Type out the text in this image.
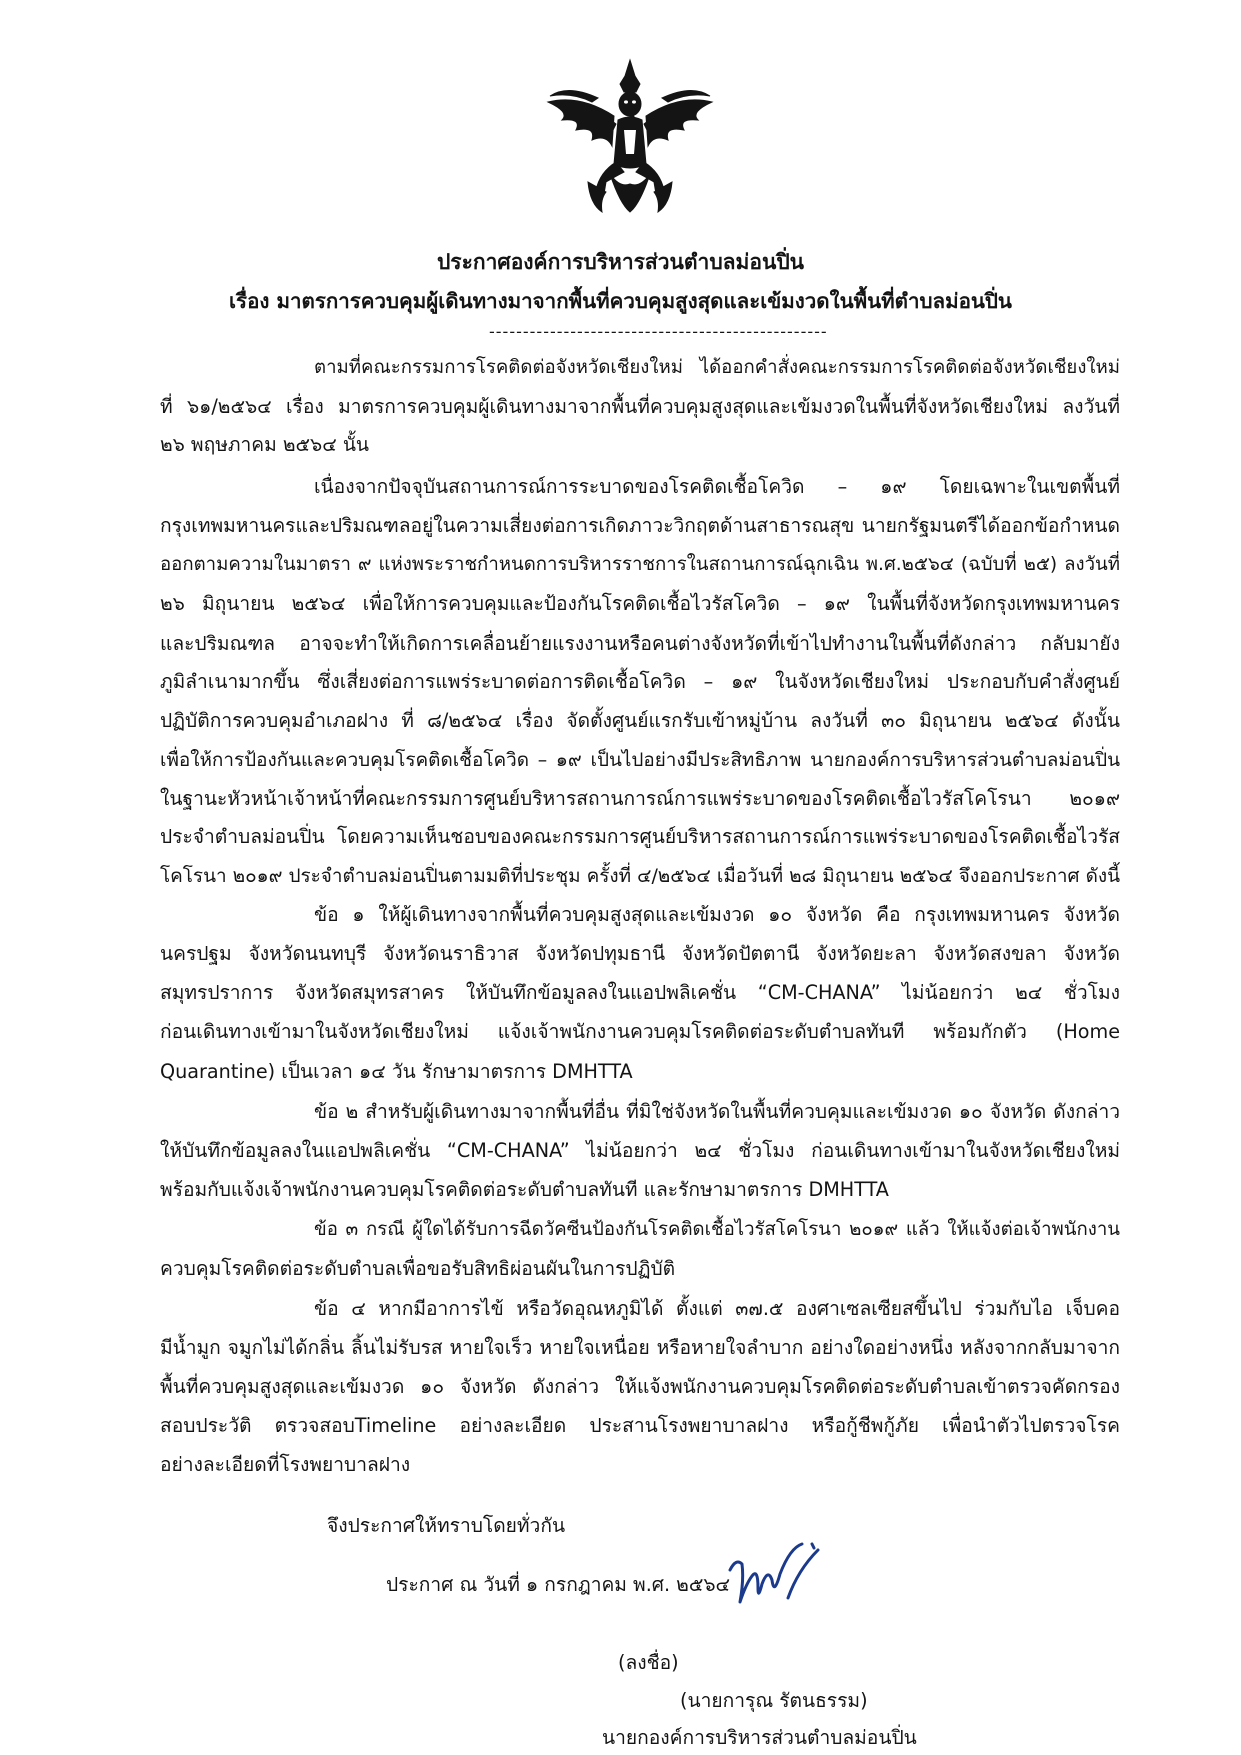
ประกาศองค์การบริหารส่วนตำบลม่อนปิ่น
เรื่อง มาตรการควบคุมผู้เดินทางมาจากพื้นที่ควบคุมสูงสุดและเข้มงวดในพื้นที่ตำบลม่อนปิ่น
--------------------------------------------------
ตามที่คณะกรรมการโรคติดต่อจังหวัดเชียงใหม่ ได้ออกคำสั่งคณะกรรมการโรคติดต่อจังหวัดเชียงใหม่
ที่ ๖๑/๒๕๖๔ เรื่อง มาตรการควบคุมผู้เดินทางมาจากพื้นที่ควบคุมสูงสุดและเข้มงวดในพื้นที่จังหวัดเชียงใหม่ ลงวันที่
๒๖ พฤษภาคม ๒๕๖๔ นั้น
เนื่องจากปัจจุบันสถานการณ์การระบาดของโรคติดเชื้อโควิด – ๑๙ โดยเฉพาะในเขตพื้นที่
กรุงเทพมหานครและปริมณฑลอยู่ในความเสี่ยงต่อการเกิดภาวะวิกฤตด้านสาธารณสุข นายกรัฐมนตรีได้ออกข้อกำหนด
ออกตามความในมาตรา ๙ แห่งพระราชกำหนดการบริหารราชการในสถานการณ์ฉุกเฉิน พ.ศ.๒๕๖๔ (ฉบับที่ ๒๕) ลงวันที่
๒๖ มิถุนายน ๒๕๖๔ เพื่อให้การควบคุมและป้องกันโรคติดเชื้อไวรัสโควิด – ๑๙ ในพื้นที่จังหวัดกรุงเทพมหานคร
และปริมณฑล อาจจะทำให้เกิดการเคลื่อนย้ายแรงงานหรือคนต่างจังหวัดที่เข้าไปทำงานในพื้นที่ดังกล่าว กลับมายัง
ภูมิลำเนามากขึ้น ซึ่งเสี่ยงต่อการแพร่ระบาดต่อการติดเชื้อโควิด – ๑๙ ในจังหวัดเชียงใหม่ ประกอบกับคำสั่งศูนย์
ปฏิบัติการควบคุมอำเภอฝาง ที่ ๘/๒๕๖๔ เรื่อง จัดตั้งศูนย์แรกรับเข้าหมู่บ้าน ลงวันที่ ๓๐ มิถุนายน ๒๕๖๔ ดังนั้น
เพื่อให้การป้องกันและควบคุมโรคติดเชื้อโควิด – ๑๙ เป็นไปอย่างมีประสิทธิภาพ นายกองค์การบริหารส่วนตำบลม่อนปิ่น
ในฐานะหัวหน้าเจ้าหน้าที่คณะกรรมการศูนย์บริหารสถานการณ์การแพร่ระบาดของโรคติดเชื้อไวรัสโคโรนา ๒๐๑๙
ประจำตำบลม่อนปิ่น โดยความเห็นชอบของคณะกรรมการศูนย์บริหารสถานการณ์การแพร่ระบาดของโรคติดเชื้อไวรัส
โคโรนา ๒๐๑๙ ประจำตำบลม่อนปิ่นตามมติที่ประชุม ครั้งที่ ๔/๒๕๖๔ เมื่อวันที่ ๒๘ มิถุนายน ๒๕๖๔ จึงออกประกาศ ดังนี้
ข้อ ๑ ให้ผู้เดินทางจากพื้นที่ควบคุมสูงสุดและเข้มงวด ๑๐ จังหวัด คือ กรุงเทพมหานคร จังหวัด
นครปฐม จังหวัดนนทบุรี จังหวัดนราธิวาส จังหวัดปทุมธานี จังหวัดปัตตานี จังหวัดยะลา จังหวัดสงขลา จังหวัด
สมุทรปราการ จังหวัดสมุทรสาคร ให้บันทึกข้อมูลลงในแอปพลิเคชั่น “CM-CHANA” ไม่น้อยกว่า ๒๔ ชั่วโมง
ก่อนเดินทางเข้ามาในจังหวัดเชียงใหม่ แจ้งเจ้าพนักงานควบคุมโรคติดต่อระดับตำบลทันที พร้อมกักตัว (Home
Quarantine) เป็นเวลา ๑๔ วัน รักษามาตรการ DMHTTA
ข้อ ๒ สำหรับผู้เดินทางมาจากพื้นที่อื่น ที่มิใช่จังหวัดในพื้นที่ควบคุมและเข้มงวด ๑๐ จังหวัด ดังกล่าว
ให้บันทึกข้อมูลลงในแอปพลิเคชั่น “CM-CHANA” ไม่น้อยกว่า ๒๔ ชั่วโมง ก่อนเดินทางเข้ามาในจังหวัดเชียงใหม่
พร้อมกับแจ้งเจ้าพนักงานควบคุมโรคติดต่อระดับตำบลทันที และรักษามาตรการ DMHTTA
ข้อ ๓ กรณี ผู้ใดได้รับการฉีดวัคซีนป้องกันโรคติดเชื้อไวรัสโคโรนา ๒๐๑๙ แล้ว ให้แจ้งต่อเจ้าพนักงาน
ควบคุมโรคติดต่อระดับตำบลเพื่อขอรับสิทธิผ่อนผันในการปฏิบัติ
ข้อ ๔ หากมีอาการไข้ หรือวัดอุณหภูมิได้ ตั้งแต่ ๓๗.๕ องศาเซลเซียสขึ้นไป ร่วมกับไอ เจ็บคอ
มีน้ำมูก จมูกไม่ได้กลิ่น ลิ้นไม่รับรส หายใจเร็ว หายใจเหนื่อย หรือหายใจลำบาก อย่างใดอย่างหนึ่ง หลังจากกลับมาจาก
พื้นที่ควบคุมสูงสุดและเข้มงวด ๑๐ จังหวัด ดังกล่าว ให้แจ้งพนักงานควบคุมโรคติดต่อระดับตำบลเข้าตรวจคัดกรอง
สอบประวัติ ตรวจสอบTimeline อย่างละเอียด ประสานโรงพยาบาลฝาง หรือกู้ชีพกู้ภัย เพื่อนำตัวไปตรวจโรค
อย่างละเอียดที่โรงพยาบาลฝาง
จึงประกาศให้ทราบโดยทั่วกัน
ประกาศ ณ วันที่ ๑ กรกฎาคม พ.ศ. ๒๕๖๔
(ลงชื่อ)
(นายการุณ รัตนธรรม)
นายกองค์การบริหารส่วนตำบลม่อนปิ่น
